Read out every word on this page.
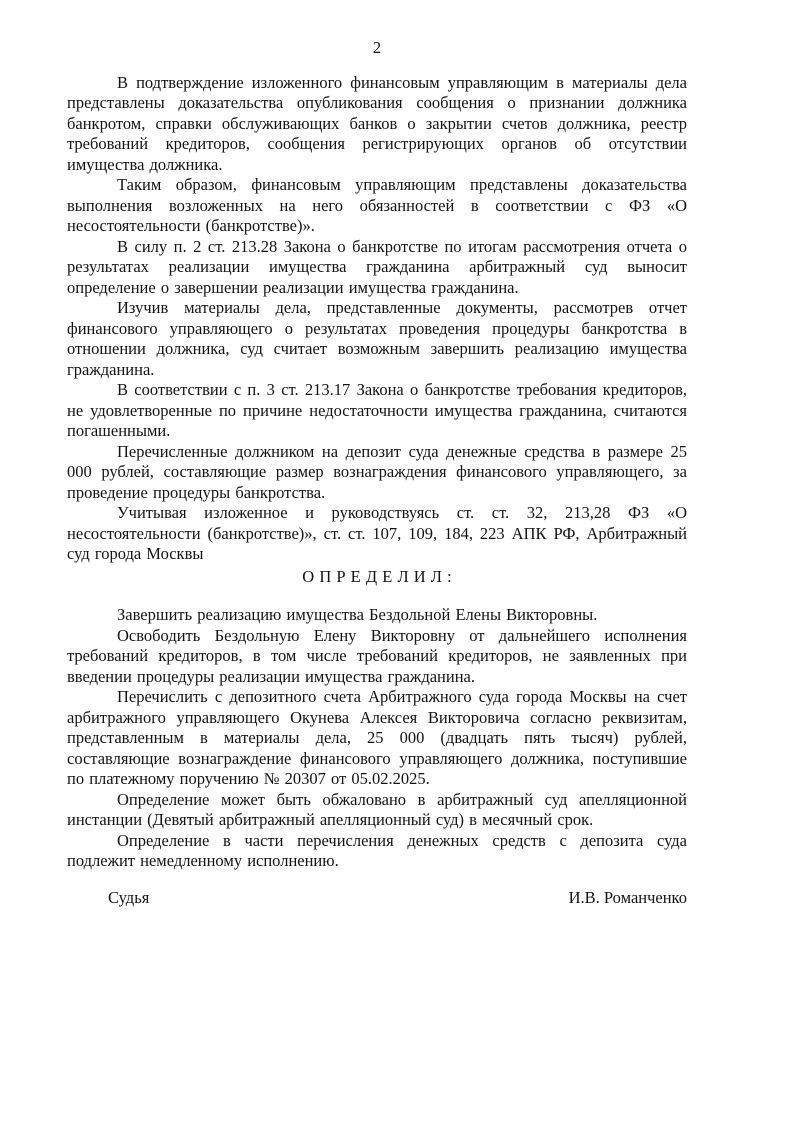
2

В подтверждение изложенного финансовым управляющим в материалы дела представлены доказательства опубликования сообщения о признании должника банкротом, справки обслуживающих банков о закрытии счетов должника, реестр требований кредиторов, сообщения регистрирующих органов об отсутствии имущества должника.

Таким образом, финансовым управляющим представлены доказательства выполнения возложенных на него обязанностей в соответствии с ФЗ «О несостоятельности (банкротстве)».

В силу п. 2 ст. 213.28 Закона о банкротстве по итогам рассмотрения отчета о результатах реализации имущества гражданина арбитражный суд выносит определение о завершении реализации имущества гражданина.

Изучив материалы дела, представленные документы, рассмотрев отчет финансового управляющего о результатах проведения процедуры банкротства в отношении должника, суд считает возможным завершить реализацию имущества гражданина.

В соответствии с п. 3 ст. 213.17 Закона о банкротстве требования кредиторов, не удовлетворенные по причине недостаточности имущества гражданина, считаются погашенными.

Перечисленные должником на депозит суда денежные средства в размере 25 000 рублей, составляющие размер вознаграждения финансового управляющего, за проведение процедуры банкротства.

Учитывая изложенное и руководствуясь ст. ст. 32, 213,28 ФЗ «О несостоятельности (банкротстве)», ст. ст. 107, 109, 184, 223 АПК РФ, Арбитражный суд города Москвы

О П Р Е Д Е Л И Л :

Завершить реализацию имущества Бездольной Елены Викторовны.

Освободить Бездольную Елену Викторовну от дальнейшего исполнения требований кредиторов, в том числе требований кредиторов, не заявленных при введении процедуры реализации имущества гражданина.

Перечислить с депозитного счета Арбитражного суда города Москвы на счет арбитражного управляющего Окунева Алексея Викторовича согласно реквизитам, представленным в материалы дела, 25 000 (двадцать пять тысяч) рублей, составляющие вознаграждение финансового управляющего должника, поступившие по платежному поручению № 20307 от 05.02.2025.

Определение может быть обжаловано в арбитражный суд апелляционной инстанции (Девятый арбитражный апелляционный суд) в месячный срок.

Определение в части перечисления денежных средств с депозита суда подлежит немедленному исполнению.

Судья	И.В. Романченко
